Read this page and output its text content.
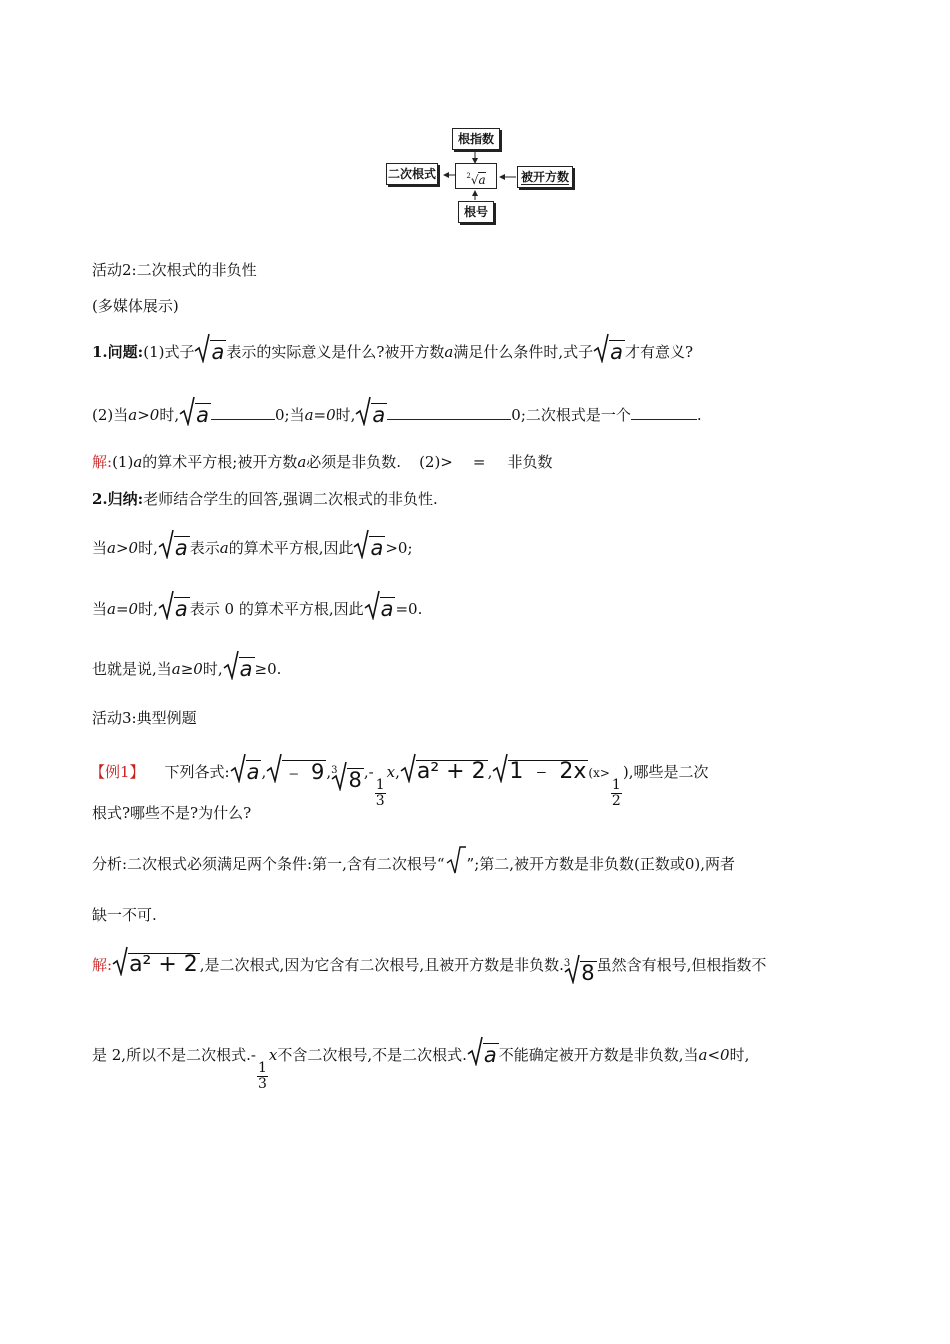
根指数
$^2$√a
二次根式	被开方数
根号
活动2:二次根式的非负性
(多媒体展示)
1.问题:(1)式子 a 表示的实际意义是什么?被开方数a满足什么条件时,式子 a 才有意义?
(2)当a>0时, a	0;当a=0时, a	0;二次根式是一个	.
解:(1)a的算术平方根;被开方数a必须是非负数. (2)> = 非负数
2.归纳:老师结合学生的回答,强调二次根式的非负性.
当a>0时, a 表示a的算术平方根,因此 a >0;
当a=0时, a 表示 0 的算术平方根,因此 a =0.
也就是说,当a≥0时, a ≥0.
活动3:典型例题
【例1】 下列各式: a , ﹣ 9 , 3 8 ,-
$\frac{1}{3}$
x, a² + 2 , 1 ﹣ 2x (x>
$\frac{1}{2}$
),哪些是二次
根式?哪些不是?为什么?
分析:二次根式必须满足两个条件:第一,含有二次根号“ ”;第二,被开方数是非负数(正数或0),两者
缺一不可.
解: a² + 2 ,是二次根式,因为它含有二次根号,且被开方数是非负数. 3 8 虽然含有根号,但根指数不
是 2,所以不是二次根式.-
$\frac{1}{3}$
x不含二次根号,不是二次根式. a 不能确定被开方数是非负数,当a<0时,
